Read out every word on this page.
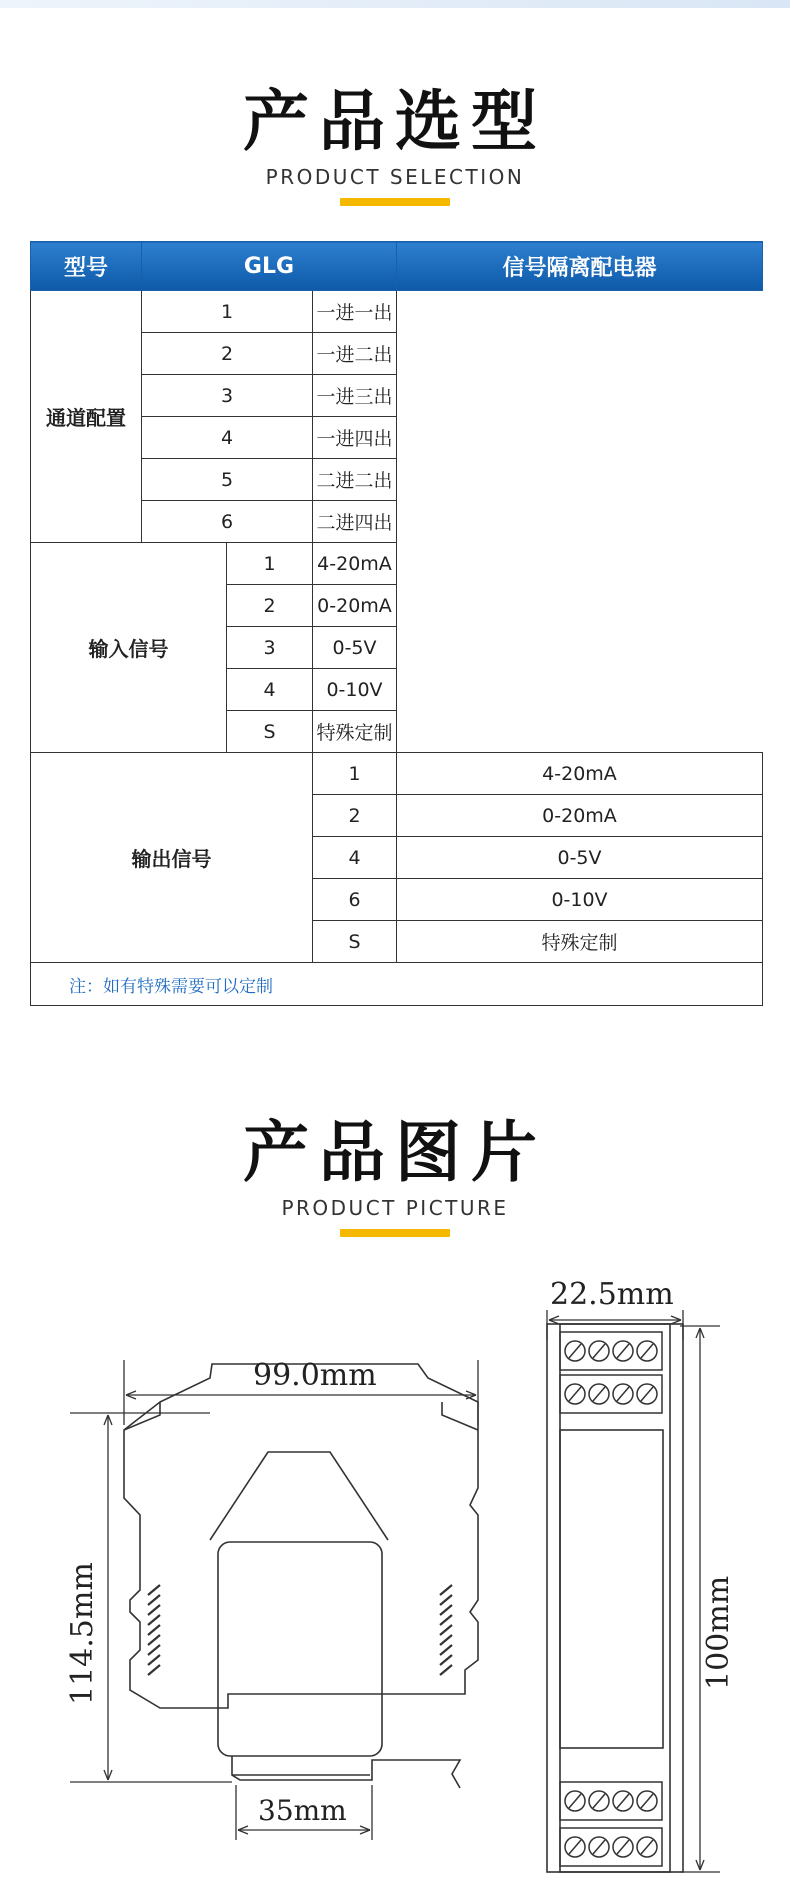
产品选型
PRODUCT SELECTION
型号	GLG			信号隔离配电器
通道配置	1		一进一出	
	2		一进二出	
	3		一进三出	
	4		一进四出	
	5		二进二出	
	6		二进四出	
输入信号		1	4-20mA	
		2	0-20mA	
		3	0-5V	
		4	0-10V	
		S	特殊定制	
输出信号			1	4-20mA
			2	0-20mA
			4	0-5V
			6	0-10V
			S	特殊定制
注：如有特殊需要可以定制				
产品图片
PRODUCT PICTURE
99.0mm
114.5mm
35mm
22.5mm
100mm
